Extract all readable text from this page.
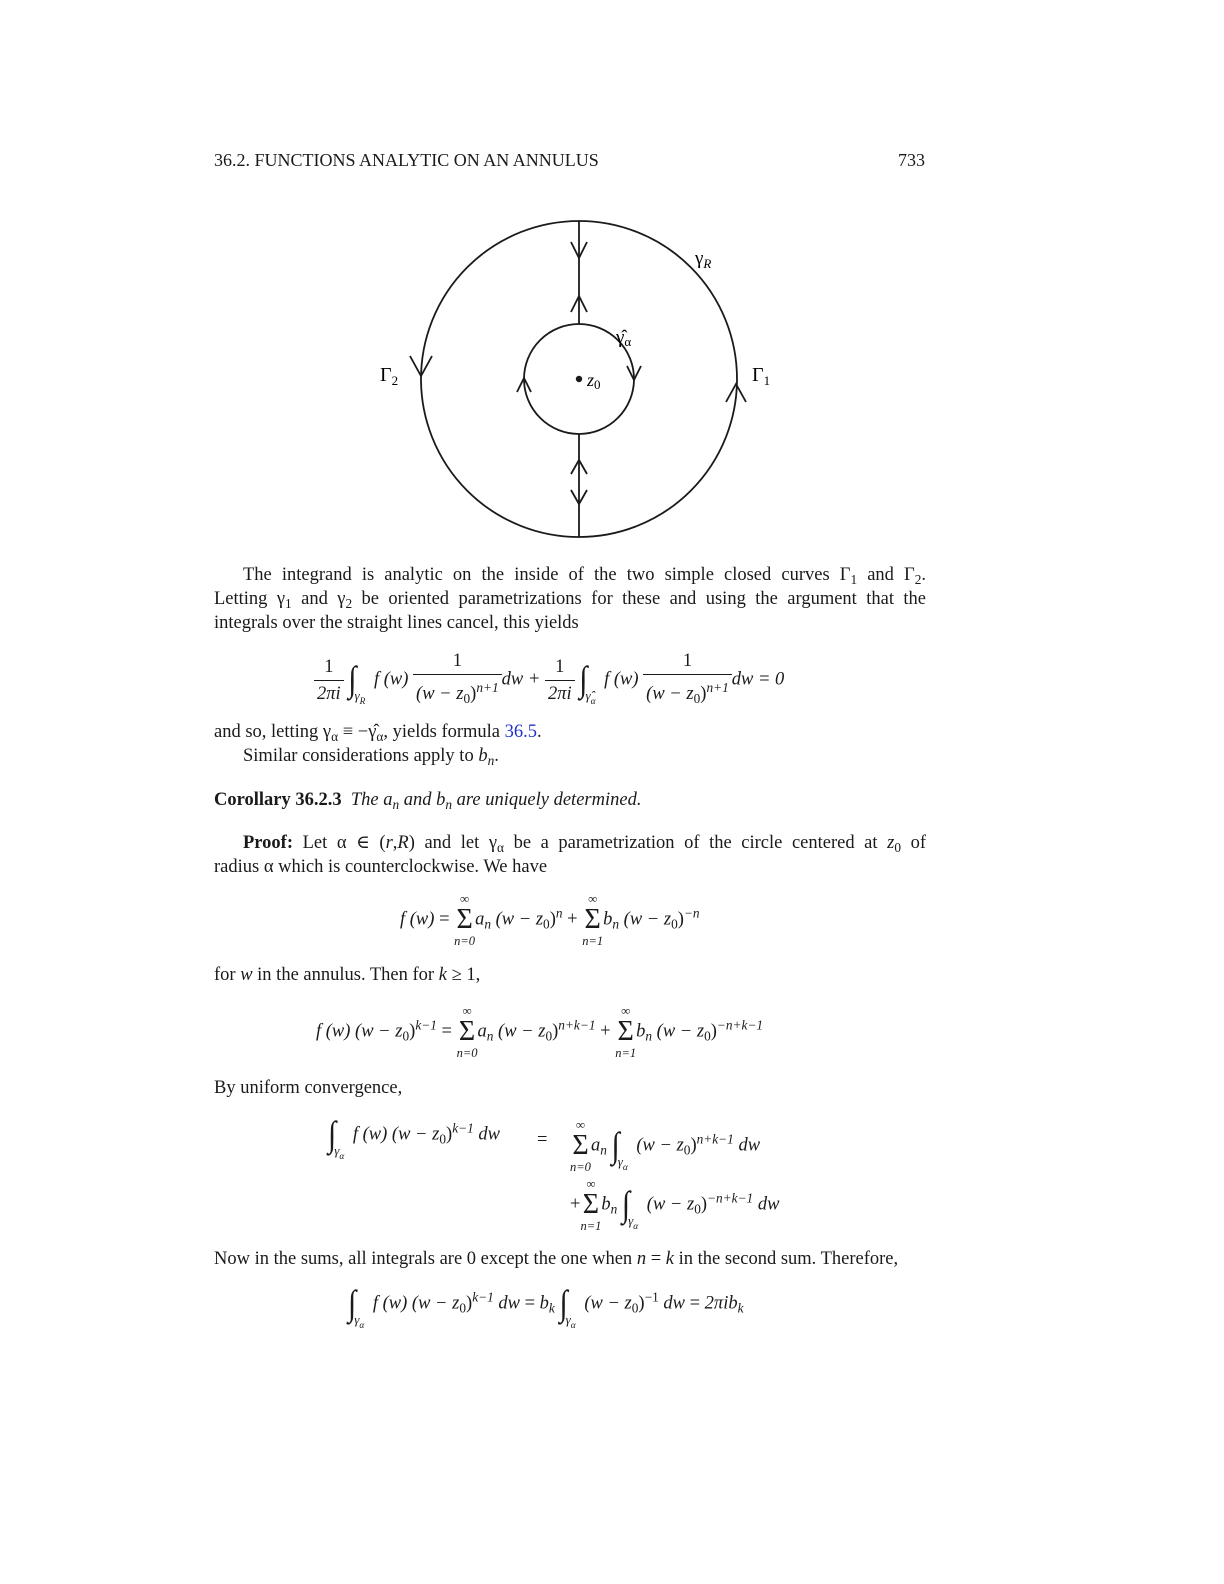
36.2. FUNCTIONS ANALYTIC ON AN ANNULUS	733
z0
$\gamma_R$
γ̂α
$\Gamma_2$	$\Gamma_1$
The integrand is analytic on the inside of the two simple closed curves $\Gamma_1$ and $\Gamma_2$.
Letting $\gamma_1$ and $\gamma_2$ be oriented parametrizations for these and using the argument that the
integrals over the straight lines cancel, this yields
$\frac{1}{2\pi i} \int_{\gamma_R}$ f $(w) \frac{1}{(w - z_0)^{n+1}}$ dw + $\frac{1}{2\pi i} \int_{\gammâ_\alpha}$ f $(w) \frac{1}{(w - z_0)^{n+1}}$ dw = 0
and so, letting $\gamma_\alpha$ ≡ $-\gammâ_\alpha$, yields formula 36.5.
Similar considerations apply to $b_n$.
Corollary 36.2.3 The $a_n$ and $b_n$ are uniquely determined.
Proof: Let α ∈ (r,R) and let $\gamma_\alpha$ be a parametrization of the circle centered at $z_0$ of
radius α which is counterclockwise. We have
f (w) =
∞
Σ
n=0
$a_n$ $(w - z_0)^n$ +
∞
Σ
n=1
$b_n$ $(w - z_0)^{-n}$
for w in the annulus. Then for k ≥ 1,
f (w) $(w - z_0)^{k-1}$ =
∞
Σ
n=0
$a_n$ $(w - z_0)^{n+k-1}$ +
∞
Σ
n=1
$b_n$ $(w - z_0)^{-n+k-1}$
By uniform convergence,
$\int_{\gamma_\alpha}$ f (w) $(w - z_0)^{k-1}$ dw =
∞
Σ
n=0
$a_n$ $\int_{\gamma_\alpha}$ $(w - z_0)^{n+k-1}$ dw
+
∞
Σ
n=1
$b_n$ $\int_{\gamma_\alpha}$ $(w - z_0)^{-n+k-1}$ dw
Now in the sums, all integrals are 0 except the one when n = k in the second sum. Therefore,
$\int_{\gamma_\alpha}$ f (w) $(w - z_0)^{k-1}$ dw = $b_k$ $\int_{\gamma_\alpha}$ $(w - z_0)^{-1}$ dw = 2πib$_k$
